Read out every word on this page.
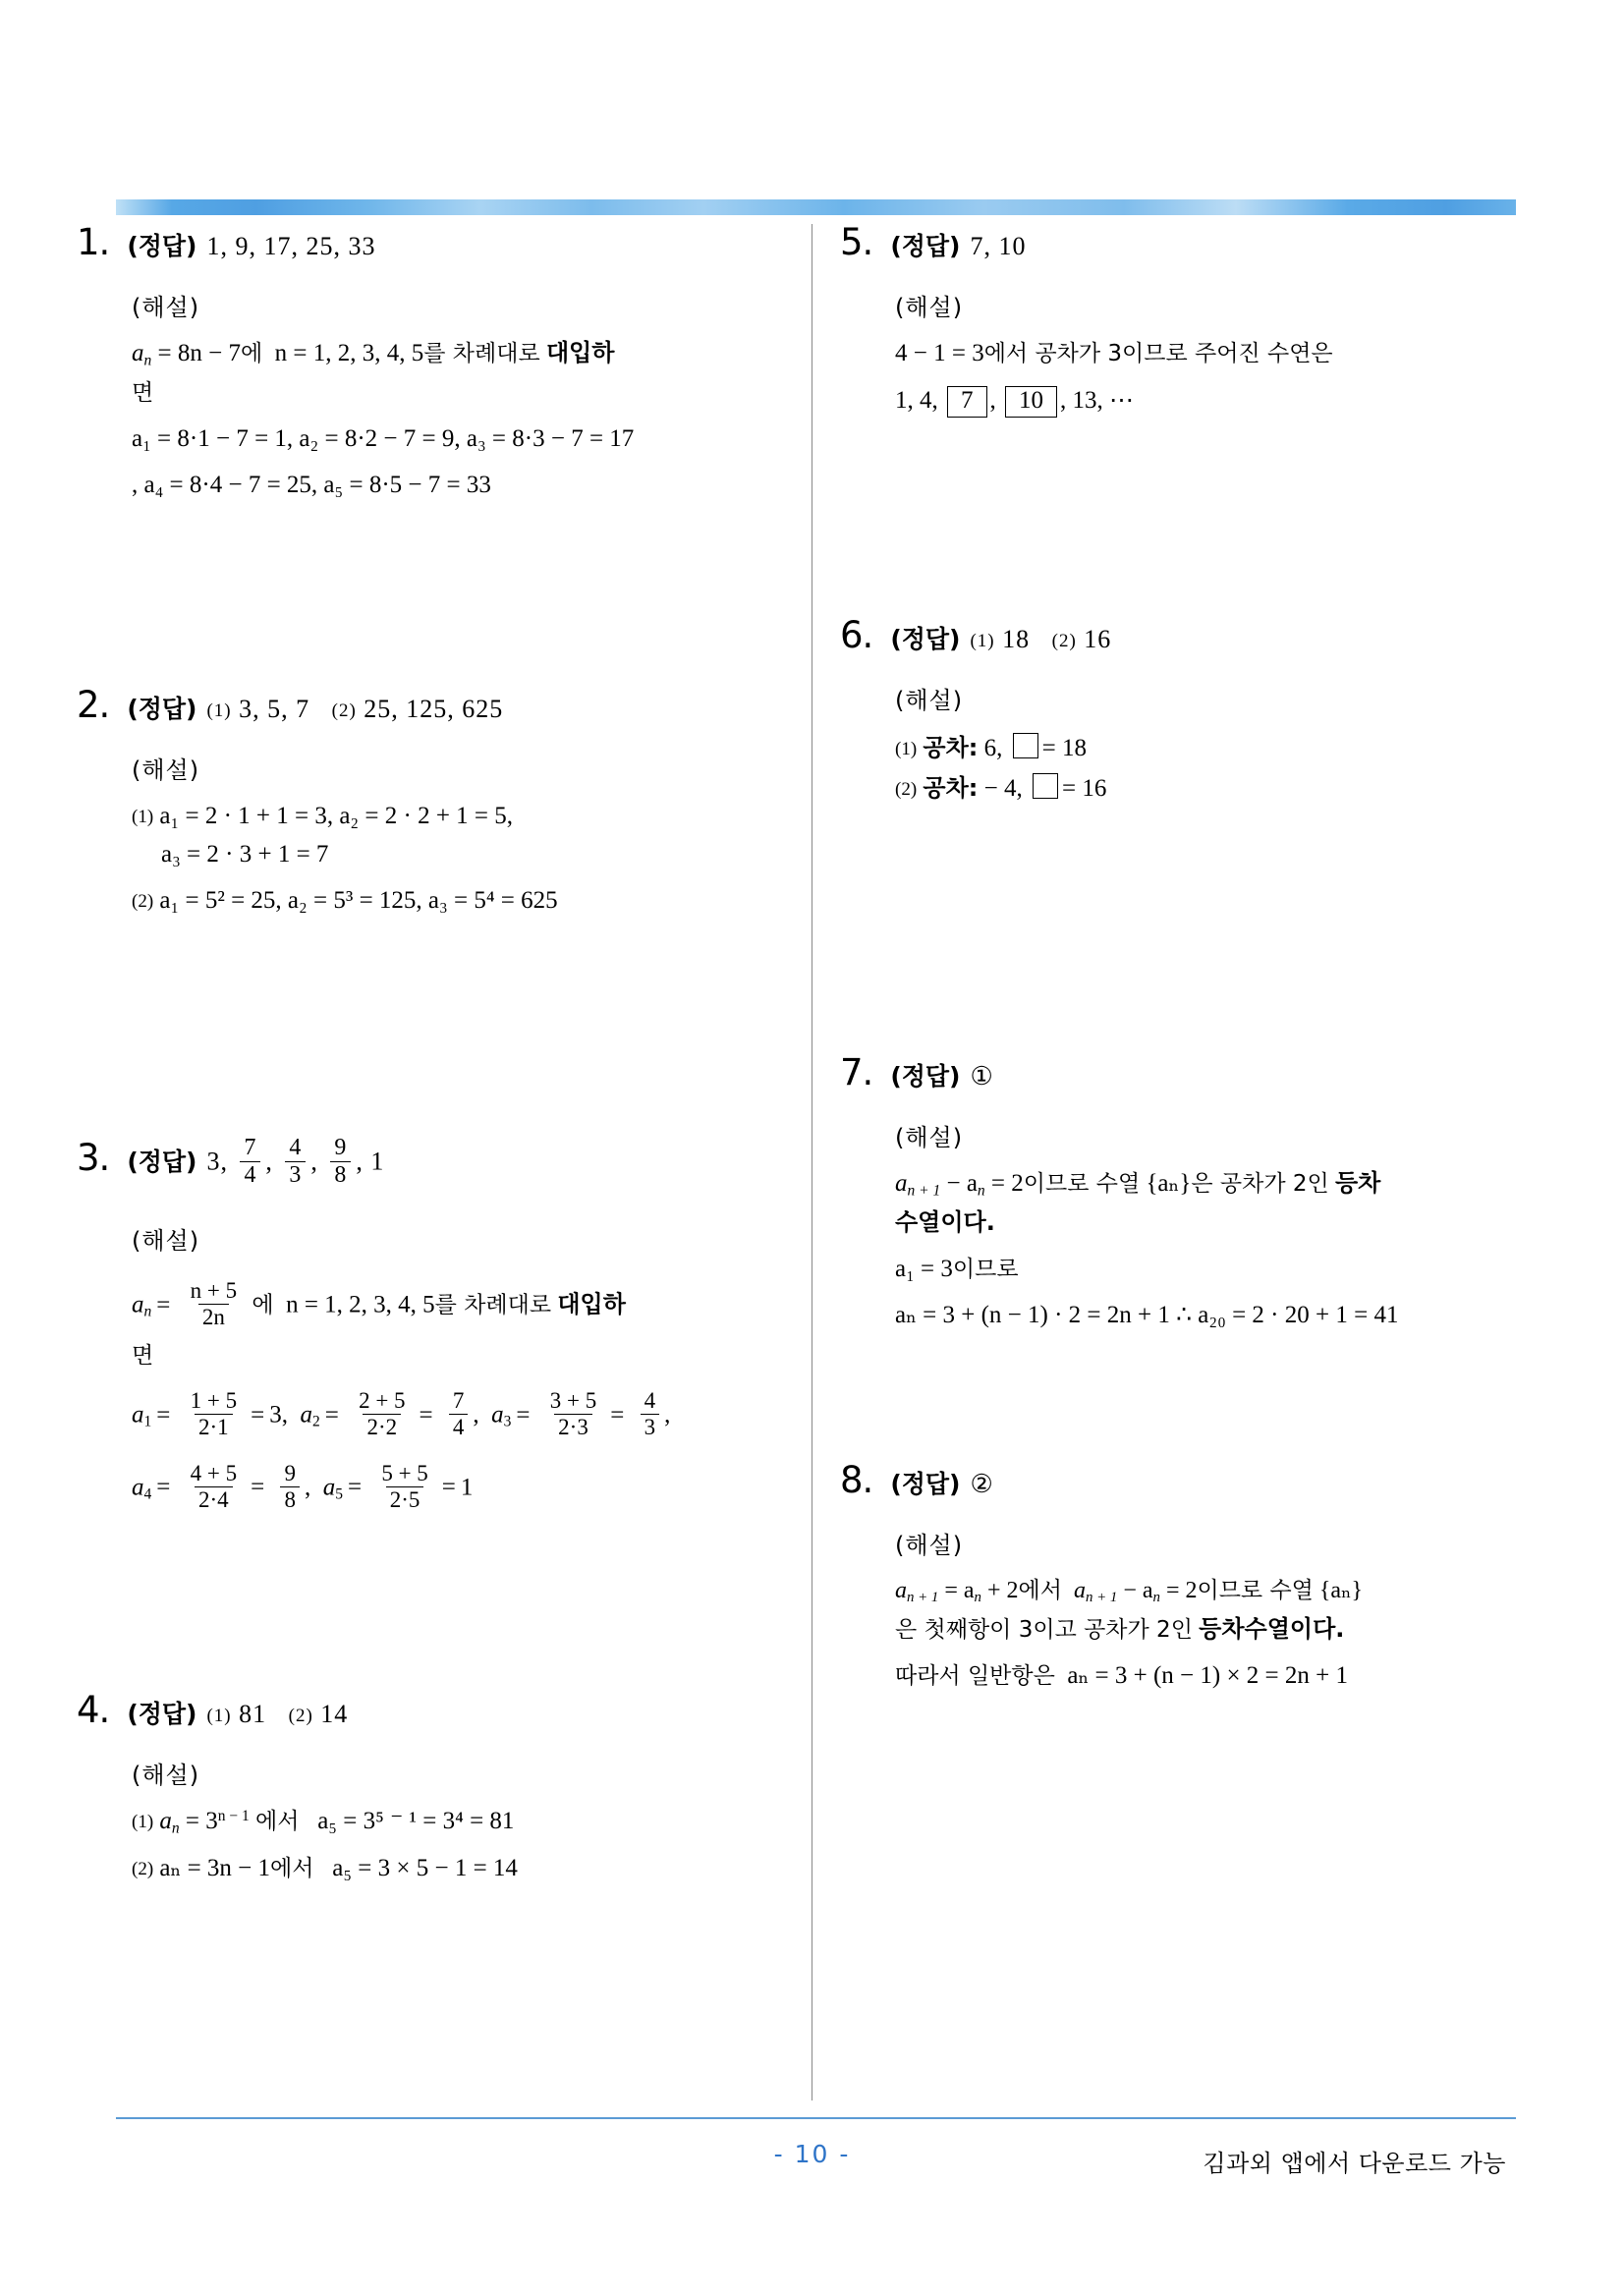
1. (정답) 1, 9, 17, 25, 33
(해설)
$a_n = 8n - 7$에 n = 1, 2, 3, 4, 5를 차례대로 대입하
면
a₁ = 8·1 − 7 = 1, a₂ = 8·2 − 7 = 9, a₃ = 8·3 − 7 = 17
, a₄ = 8·4 − 7 = 25, a₅ = 8·5 − 7 = 33
2. (정답) (1) 3, 5, 7 (2) 25, 125, 625
(해설)
(1) a₁ = 2 · 1 + 1 = 3, a₂ = 2 · 2 + 1 = 5,
a₃ = 2 · 3 + 1 = 7
(2) a₁ = 5² = 25, a₂ = 5³ = 125, a₃ = 5⁴ = 625
3. (정답) 3, $\frac{7}{4}$ , $\frac{4}{3}$ , $\frac{9}{8}$ , 1
(해설)
$a_n = \frac{n + 5}{2n}$ 에 n = 1, 2, 3, 4, 5를 차례대로 대입하
면
$a_1 = \frac{1 + 5}{2\cdot 1} = 3$, $a_2 = \frac{2 + 5}{2\cdot 2} = \frac{7}{4}$ ,  $a_3 = \frac{3 + 5}{2\cdot 3} = \frac{4}{3}$ ,
$a_4 = \frac{4 + 5}{2\cdot 4} = \frac{9}{8}$ ,  $a_5 = \frac{5 + 5}{2\cdot 5} = 1$
4. (정답) (1) 81 (2) 14
(해설)
(1) $a_n = 3^{n - 1}$ 에서 a₅ = 3⁵ ⁻ ¹ = 3⁴ = 81
(2) aₙ = 3n − 1에서 a₅ = 3 × 5 − 1 = 14
5. (정답) 7, 10
(해설)
4 − 1 = 3에서 공차가 3이므로 주어진 수연은
1, 4, 7 , 10 , 13, ⋯
6. (정답) (1) 18 (2) 16
(해설)
(1) 공차: 6, = 18
(2) 공차: − 4, = 16
7. (정답) ①
(해설)
$a_{n + 1} - a_n = 2$이므로 수열 {aₙ}은 공차가 2인 등차
수열이다.
a₁ = 3이므로
aₙ = 3 + (n − 1) · 2 = 2n + 1 ∴ a₂₀ = 2 · 20 + 1 = 41
8. (정답) ②
(해설)
$a_{n + 1} = a_n + 2$에서 $a_{n + 1} - a_n = 2$이므로 수열 {aₙ}
은 첫째항이 3이고 공차가 2인 등차수열이다.
따라서 일반항은 aₙ = 3 + (n − 1) × 2 = 2n + 1
- 10 -	김과외 앱에서 다운로드 가능
